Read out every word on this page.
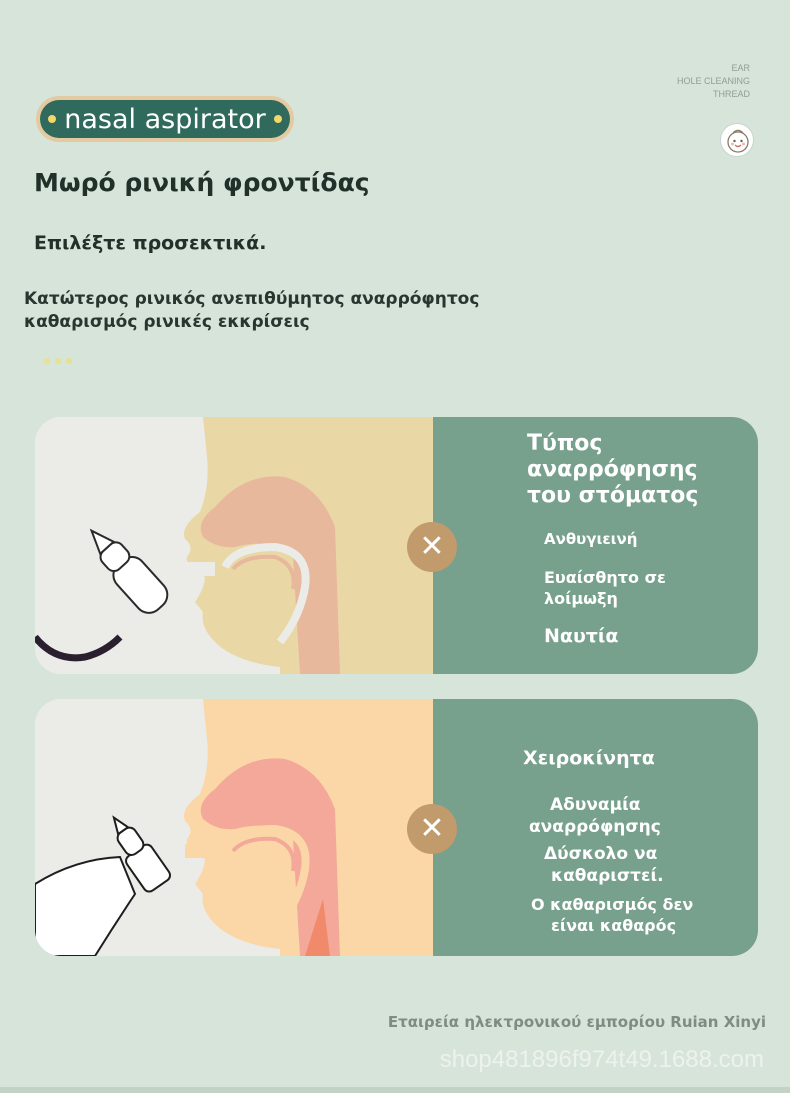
EAR
HOLE CLEANING
THREAD
nasal aspirator
Μωρό ρινική φροντίδας
Επιλέξτε προσεκτικά.
Κατώτερος ρινικός ανεπιθύμητος αναρρόφητος καθαρισμός ρινικές εκκρίσεις
Τύπος
αναρρόφησης
του στόματος
Ανθυγιεινή
Ευαίσθητο σε
λοίμωξη
Ναυτία
✕
Χειροκίνητα
Αδυναμία
αναρρόφησης
Δύσκολο να
καθαριστεί.
Ο καθαρισμός δεν
είναι καθαρός
✕
Εταιρεία ηλεκτρονικού εμπορίου Ruian Xinyi
shop481896f974t49.1688.com
